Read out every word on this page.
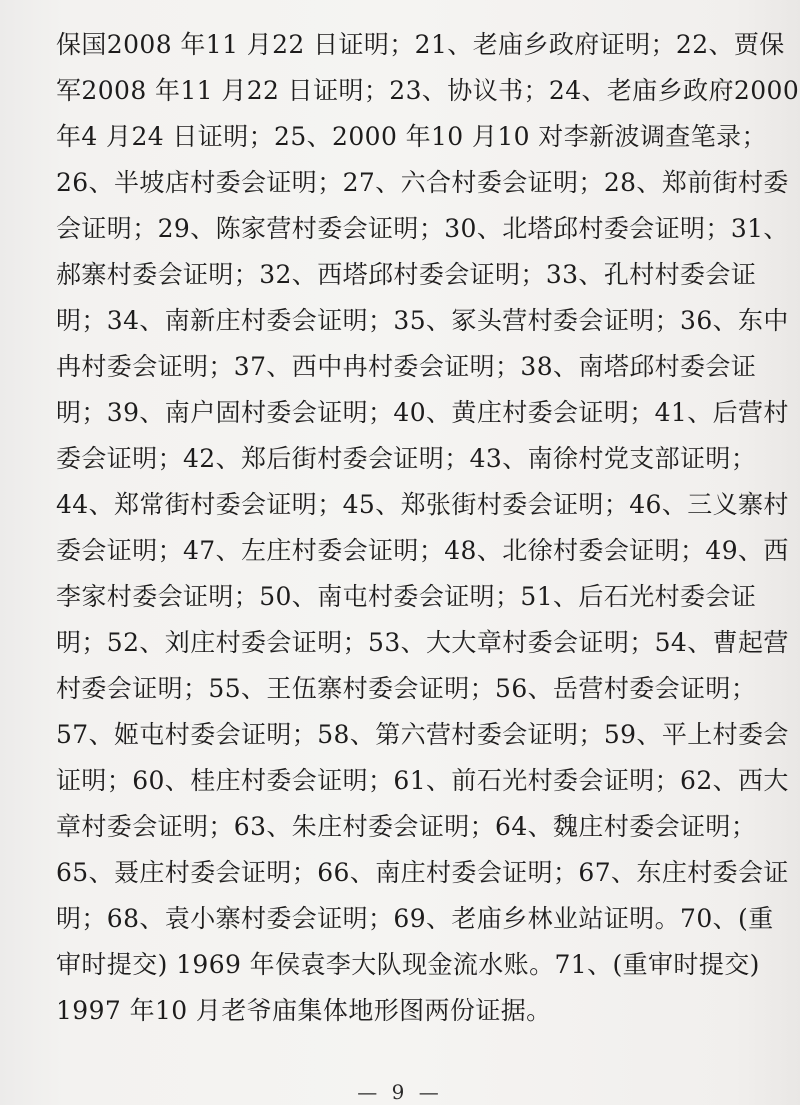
保国2008 年11 月22 日证明；21、老庙乡政府证明；22、贾保
军2008 年11 月22 日证明；23、协议书；24、老庙乡政府2000
年4 月24 日证明；25、2000 年10 月10 对李新波调查笔录；
26、半坡店村委会证明；27、六合村委会证明；28、郑前街村委
会证明；29、陈家营村委会证明；30、北塔邱村委会证明；31、
郝寨村委会证明；32、西塔邱村委会证明；33、孔村村委会证
明；34、南新庄村委会证明；35、冢头营村委会证明；36、东中
冉村委会证明；37、西中冉村委会证明；38、南塔邱村委会证
明；39、南户固村委会证明；40、黄庄村委会证明；41、后营村
委会证明；42、郑后街村委会证明；43、南徐村党支部证明；
44、郑常街村委会证明；45、郑张街村委会证明；46、三义寨村
委会证明；47、左庄村委会证明；48、北徐村委会证明；49、西
李家村委会证明；50、南屯村委会证明；51、后石光村委会证
明；52、刘庄村委会证明；53、大大章村委会证明；54、曹起营
村委会证明；55、王伍寨村委会证明；56、岳营村委会证明；
57、姬屯村委会证明；58、第六营村委会证明；59、平上村委会
证明；60、桂庄村委会证明；61、前石光村委会证明；62、西大
章村委会证明；63、朱庄村委会证明；64、魏庄村委会证明；
65、聂庄村委会证明；66、南庄村委会证明；67、东庄村委会证
明；68、袁小寨村委会证明；69、老庙乡林业站证明。70、(重
审时提交) 1969 年侯袁李大队现金流水账。71、(重审时提交)
1997 年10 月老爷庙集体地形图两份证据。
— 9 —
